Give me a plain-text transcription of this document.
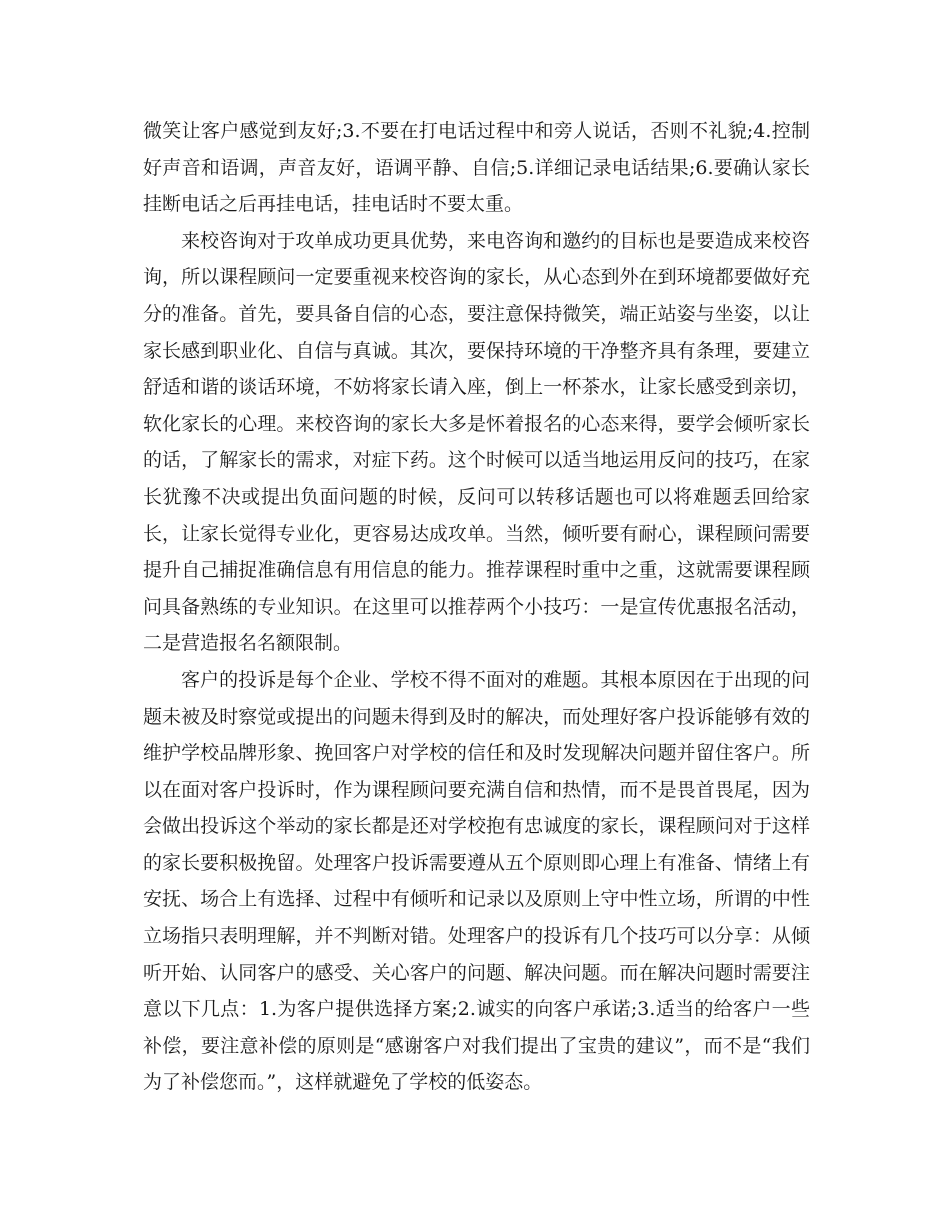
微笑让客户感觉到友好;3.不要在打电话过程中和旁人说话，否则不礼貌;4.控制好声音和语调，声音友好，语调平静、自信;5.详细记录电话结果;6.要确认家长挂断电话之后再挂电话，挂电话时不要太重。

来校咨询对于攻单成功更具优势，来电咨询和邀约的目标也是要造成来校咨询，所以课程顾问一定要重视来校咨询的家长，从心态到外在到环境都要做好充分的准备。首先，要具备自信的心态，要注意保持微笑，端正站姿与坐姿，以让家长感到职业化、自信与真诚。其次，要保持环境的干净整齐具有条理，要建立舒适和谐的谈话环境，不妨将家长请入座，倒上一杯茶水，让家长感受到亲切，软化家长的心理。来校咨询的家长大多是怀着报名的心态来得，要学会倾听家长的话，了解家长的需求，对症下药。这个时候可以适当地运用反问的技巧，在家长犹豫不决或提出负面问题的时候，反问可以转移话题也可以将难题丢回给家长，让家长觉得专业化，更容易达成攻单。当然，倾听要有耐心，课程顾问需要提升自己捕捉准确信息有用信息的能力。推荐课程时重中之重，这就需要课程顾问具备熟练的专业知识。在这里可以推荐两个小技巧：一是宣传优惠报名活动，二是营造报名名额限制。

客户的投诉是每个企业、学校不得不面对的难题。其根本原因在于出现的问题未被及时察觉或提出的问题未得到及时的解决，而处理好客户投诉能够有效的维护学校品牌形象、挽回客户对学校的信任和及时发现解决问题并留住客户。所以在面对客户投诉时，作为课程顾问要充满自信和热情，而不是畏首畏尾，因为会做出投诉这个举动的家长都是还对学校抱有忠诚度的家长，课程顾问对于这样的家长要积极挽留。处理客户投诉需要遵从五个原则即心理上有准备、情绪上有安抚、场合上有选择、过程中有倾听和记录以及原则上守中性立场，所谓的中性立场指只表明理解，并不判断对错。处理客户的投诉有几个技巧可以分享：从倾听开始、认同客户的感受、关心客户的问题、解决问题。而在解决问题时需要注意以下几点：1.为客户提供选择方案;2.诚实的向客户承诺;3.适当的给客户一些补偿，要注意补偿的原则是“感谢客户对我们提出了宝贵的建议”，而不是“我们为了补偿您而。”，这样就避免了学校的低姿态。
